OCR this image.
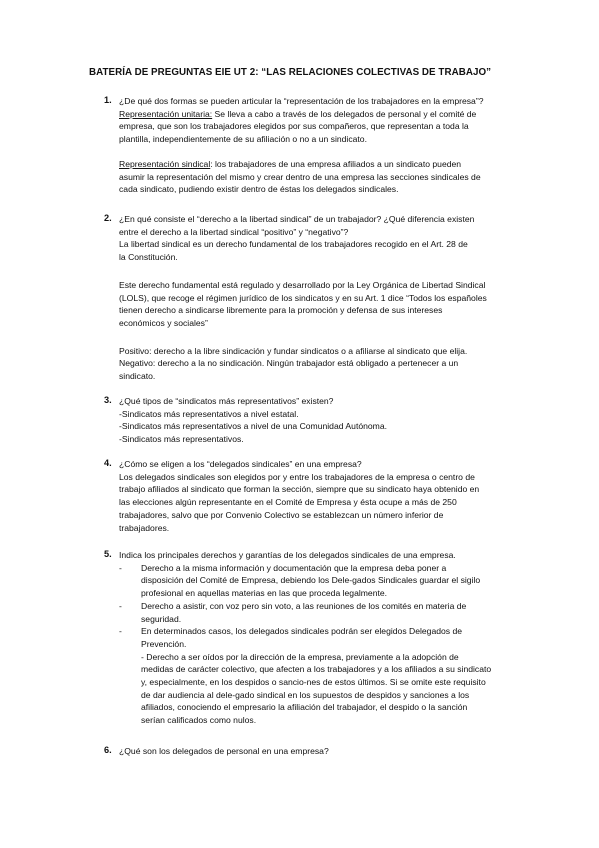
BATERÍA DE PREGUNTAS EIE UT 2: “LAS RELACIONES COLECTIVAS DE TRABAJO”
1. ¿De qué dos formas se pueden articular la “representación de los trabajadores en la empresa”?

Representación unitaria: Se lleva a cabo a través de los delegados de personal y el comité de

empresa, que son los trabajadores elegidos por sus compañeros, que representan a toda la

plantilla, independientemente de su afiliación o no a un sindicato.

Representación sindical: los trabajadores de una empresa afiliados a un sindicato pueden

asumir la representación del mismo y crear dentro de una empresa las secciones sindicales de

cada sindicato, pudiendo existir dentro de éstas los delegados sindicales.

2. ¿En qué consiste el “derecho a la libertad sindical” de un trabajador? ¿Qué diferencia existen

entre el derecho a la libertad sindical “positivo” y “negativo”?

La libertad sindical es un derecho fundamental de los trabajadores recogido en el Art. 28 de

la Constitución.

Este derecho fundamental está regulado y desarrollado por la Ley Orgánica de Libertad Sindical

(LOLS), que recoge el régimen jurídico de los sindicatos y en su Art. 1 dice “Todos los españoles

tienen derecho a sindicarse libremente para la promoción y defensa de sus intereses

económicos y sociales”

Positivo: derecho a la libre sindicación y fundar sindicatos o a afiliarse al sindicato que elija.

Negativo: derecho a la no sindicación. Ningún trabajador está obligado a pertenecer a un

sindicato.

3. ¿Qué tipos de “sindicatos más representativos” existen?

-Sindicatos más representativos a nivel estatal.

-Sindicatos más representativos a nivel de una Comunidad Autónoma.

-Sindicatos más representativos.

4. ¿Cómo se eligen a los “delegados sindicales” en una empresa?

Los delegados sindicales son elegidos por y entre los trabajadores de la empresa o centro de

trabajo afiliados al sindicato que forman la sección, siempre que su sindicato haya obtenido en

las elecciones algún representante en el Comité de Empresa y ésta ocupe a más de 250

trabajadores, salvo que por Convenio Colectivo se establezcan un número inferior de

trabajadores.

5. Indica los principales derechos y garantías de los delegados sindicales de una empresa.

- Derecho a la misma información y documentación que la empresa deba poner a
disposición del Comité de Empresa, debiendo los Dele-gados Sindicales guardar el sigilo
profesional en aquellas materias en las que proceda legalmente.
- Derecho a asistir, con voz pero sin voto, a las reuniones de los comités en materia de
seguridad.
- En determinados casos, los delegados sindicales podrán ser elegidos Delegados de
Prevención.
- Derecho a ser oídos por la dirección de la empresa, previamente a la adopción de
medidas de carácter colectivo, que afecten a los trabajadores y a los afiliados a su sindicato
y, especialmente, en los despidos o sancio-nes de estos últimos. Si se omite este requisito
de dar audiencia al dele-gado sindical en los supuestos de despidos y sanciones a los
afiliados, conociendo el empresario la afiliación del trabajador, el despido o la sanción
serían calificados como nulos.
6. ¿Qué son los delegados de personal en una empresa?
